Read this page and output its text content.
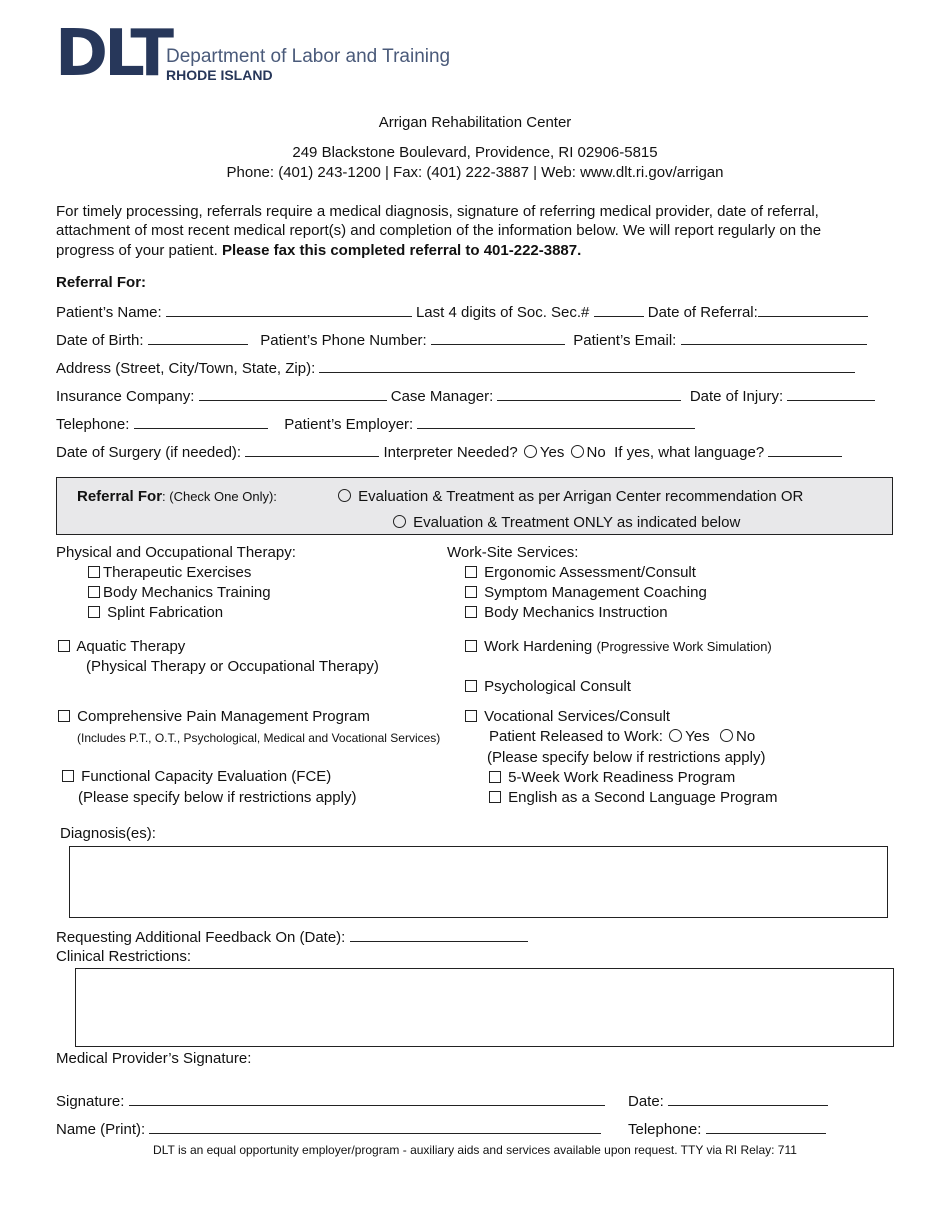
DLT
Department of Labor and Training
RHODE ISLAND
Arrigan Rehabilitation Center
249 Blackstone Boulevard, Providence, RI 02906-5815
Phone: (401) 243-1200 | Fax: (401) 222-3887 | Web: www.dlt.ri.gov/arrigan
For timely processing, referrals require a medical diagnosis, signature of referring medical provider, date of referral,
attachment of most recent medical report(s) and completion of the information below. We will report regularly on the
progress of your patient. Please fax this completed referral to 401-222-3887.
Referral For:
Patient’s Name:	Last 4 digits of Soc. Sec.#	Date of Referral:
Date of Birth:	Patient’s Phone Number:	Patient’s Email:
Address (Street, City/Town, State, Zip):
Insurance Company:	Case Manager:	Date of Injury:
Telephone:	Patient’s Employer:
Date of Surgery (if needed):	Interpreter Needed? Yes No If yes, what language?
Referral For: (Check One Only):	Evaluation & Treatment as per Arrigan Center recommendation OR
Evaluation & Treatment ONLY as indicated below
Physical and Occupational Therapy:
Therapeutic Exercises
Body Mechanics Training
Splint Fabrication
Aquatic Therapy
(Physical Therapy or Occupational Therapy)
Comprehensive Pain Management Program
(Includes P.T., O.T., Psychological, Medical and Vocational Services)
Functional Capacity Evaluation (FCE)
(Please specify below if restrictions apply)
Work-Site Services:
Ergonomic Assessment/Consult
Symptom Management Coaching
Body Mechanics Instruction
Work Hardening (Progressive Work Simulation)
Psychological Consult
Vocational Services/Consult
Patient Released to Work: Yes No
(Please specify below if restrictions apply)
5-Week Work Readiness Program
English as a Second Language Program
Diagnosis(es):
Requesting Additional Feedback On (Date):
Clinical Restrictions:
Medical Provider’s Signature:
Signature:	Date:
Name (Print):	Telephone:
DLT is an equal opportunity employer/program - auxiliary aids and services available upon request. TTY via RI Relay: 711
